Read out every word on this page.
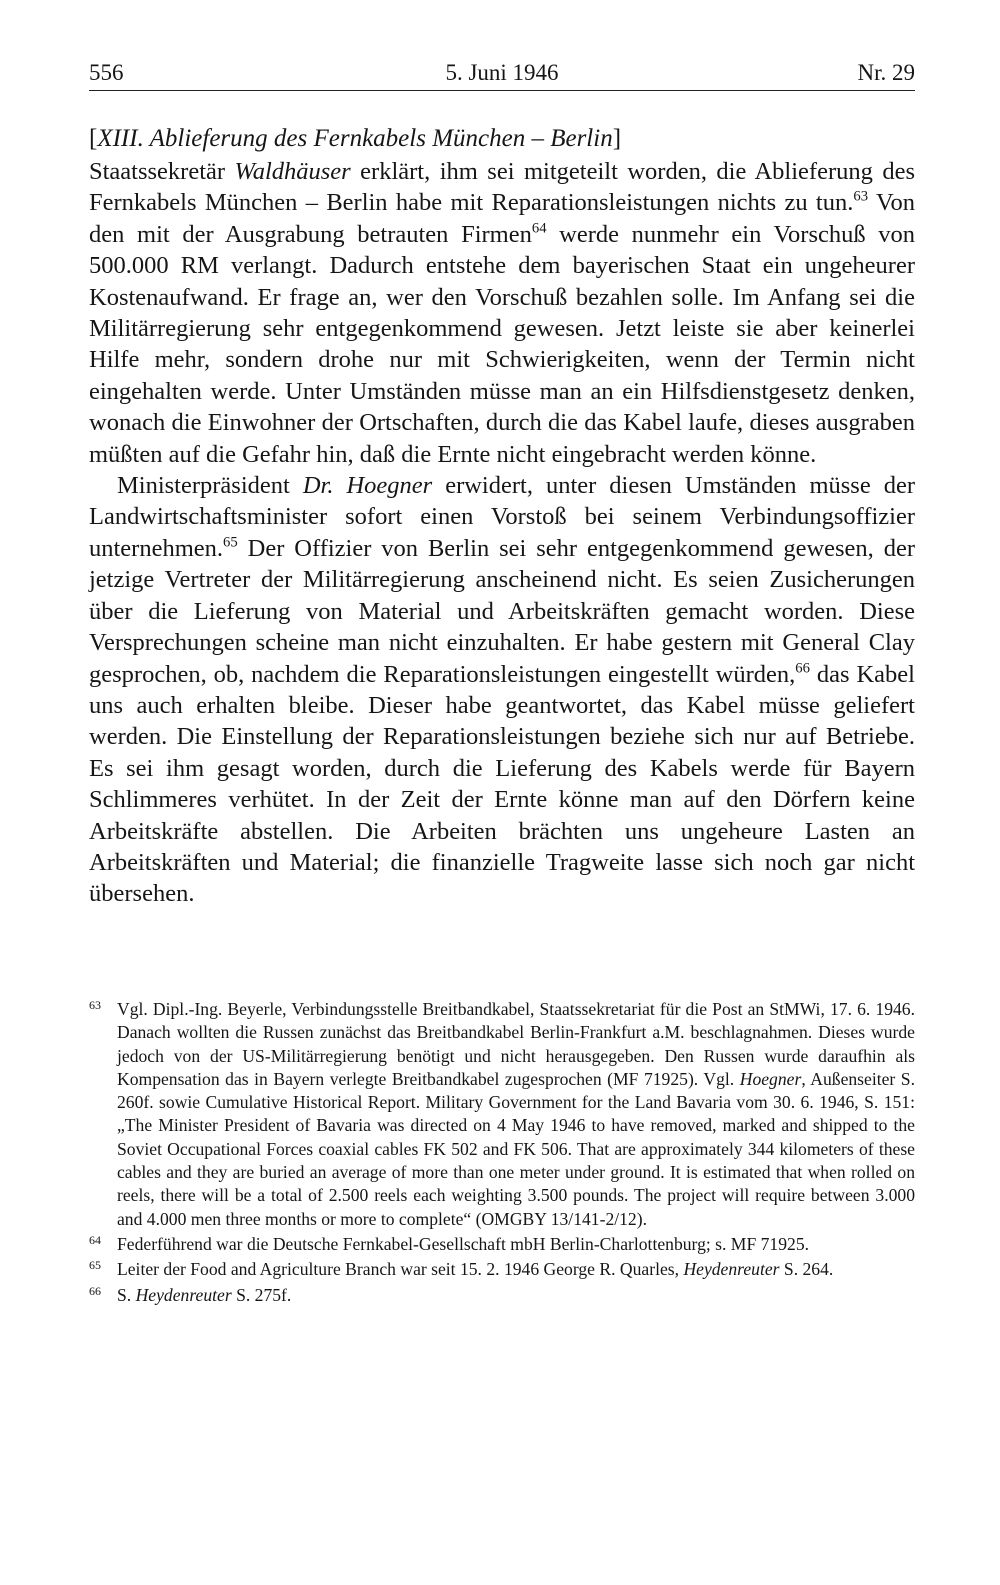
556	5. Juni 1946	Nr. 29
[XIII. Ablieferung des Fernkabels München – Berlin]

Staatssekretär Waldhäuser erklärt, ihm sei mitgeteilt worden, die Ablieferung des Fernkabels München – Berlin habe mit Reparationsleistungen nichts zu tun.$^{63}$ Von den mit der Ausgrabung betrauten Firmen$^{64}$ werde nunmehr ein Vorschuß von 500.000 RM verlangt. Dadurch entstehe dem bayerischen Staat ein ungeheurer Kostenaufwand. Er frage an, wer den Vorschuß bezahlen solle. Im Anfang sei die Militärregierung sehr entgegenkommend gewesen. Jetzt leiste sie aber keinerlei Hilfe mehr, sondern drohe nur mit Schwierigkeiten, wenn der Termin nicht eingehalten werde. Unter Umständen müsse man an ein Hilfsdienstgesetz denken, wonach die Einwohner der Ortschaften, durch die das Kabel laufe, dieses ausgraben müßten auf die Gefahr hin, daß die Ernte nicht eingebracht werden könne.

Ministerpräsident Dr. Hoegner erwidert, unter diesen Umständen müsse der Landwirtschaftsminister sofort einen Vorstoß bei seinem Verbindungsoffizier unternehmen.$^{65}$ Der Offizier von Berlin sei sehr entgegenkommend gewesen, der jetzige Vertreter der Militärregierung anscheinend nicht. Es seien Zusicherungen über die Lieferung von Material und Arbeitskräften gemacht worden. Diese Versprechungen scheine man nicht einzuhalten. Er habe gestern mit General Clay gesprochen, ob, nachdem die Reparationsleistungen eingestellt würden,$^{66}$ das Kabel uns auch erhalten bleibe. Dieser habe geantwortet, das Kabel müsse geliefert werden. Die Einstellung der Reparationsleistungen beziehe sich nur auf Betriebe. Es sei ihm gesagt worden, durch die Lieferung des Kabels werde für Bayern Schlimmeres verhütet. In der Zeit der Ernte könne man auf den Dörfern keine Arbeitskräfte abstellen. Die Arbeiten brächten uns ungeheure Lasten an Arbeitskräften und Material; die finanzielle Tragweite lasse sich noch gar nicht übersehen.

63 Vgl. Dipl.-Ing. Beyerle, Verbindungsstelle Breitbandkabel, Staatssekretariat für die Post an StMWi, 17. 6. 1946. Danach wollten die Russen zunächst das Breitbandkabel Berlin-Frankfurt a.M. beschlagnahmen. Dieses wurde jedoch von der US-Militärregierung benötigt und nicht herausgegeben. Den Russen wurde daraufhin als Kompensation das in Bayern verlegte Breitbandkabel zugesprochen (MF 71925). Vgl. Hoegner, Außenseiter S. 260f. sowie Cumulative Historical Report. Military Government for the Land Bavaria vom 30. 6. 1946, S. 151: „The Minister President of Bavaria was directed on 4 May 1946 to have removed, marked and shipped to the Soviet Occupational Forces coaxial cables FK 502 and FK 506. That are approximately 344 kilometers of these cables and they are buried an average of more than one meter under ground. It is estimated that when rolled on reels, there will be a total of 2.500 reels each weighting 3.500 pounds. The project will require between 3.000 and 4.000 men three months or more to complete“ (OMGBY 13/141-2/12).
64 Federführend war die Deutsche Fernkabel-Gesellschaft mbH Berlin-Charlottenburg; s. MF 71925.
65 Leiter der Food and Agriculture Branch war seit 15. 2. 1946 George R. Quarles, Heydenreuter S. 264.
66 S. Heydenreuter S. 275f.
